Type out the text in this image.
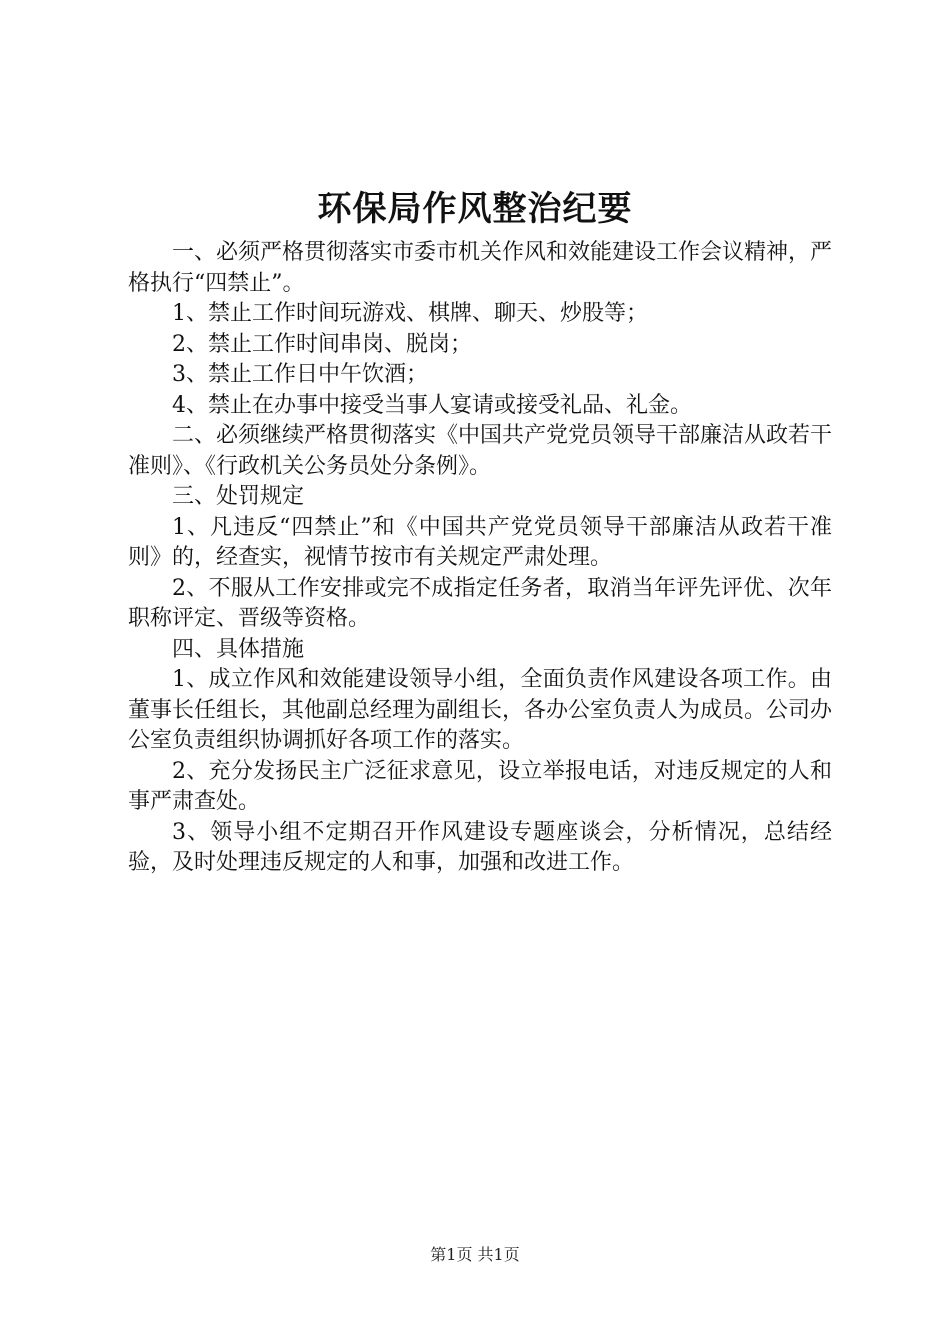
环保局作风整治纪要

一、必须严格贯彻落实市委市机关作风和效能建设工作会议精神，严格执行“四禁止”。

1、禁止工作时间玩游戏、棋牌、聊天、炒股等；

2、禁止工作时间串岗、脱岗；

3、禁止工作日中午饮酒；

4、禁止在办事中接受当事人宴请或接受礼品、礼金。

二、必须继续严格贯彻落实《中国共产党党员领导干部廉洁从政若干准则》、《行政机关公务员处分条例》。

三、处罚规定

1、凡违反“四禁止”和《中国共产党党员领导干部廉洁从政若干准则》的，经查实，视情节按市有关规定严肃处理。

2、不服从工作安排或完不成指定任务者，取消当年评先评优、次年职称评定、晋级等资格。

四、具体措施

1、成立作风和效能建设领导小组，全面负责作风建设各项工作。由董事长任组长，其他副总经理为副组长，各办公室负责人为成员。公司办公室负责组织协调抓好各项工作的落实。

2、充分发扬民主广泛征求意见，设立举报电话，对违反规定的人和事严肃查处。

3、领导小组不定期召开作风建设专题座谈会，分析情况，总结经验，及时处理违反规定的人和事，加强和改进工作。

第1页 共1页
